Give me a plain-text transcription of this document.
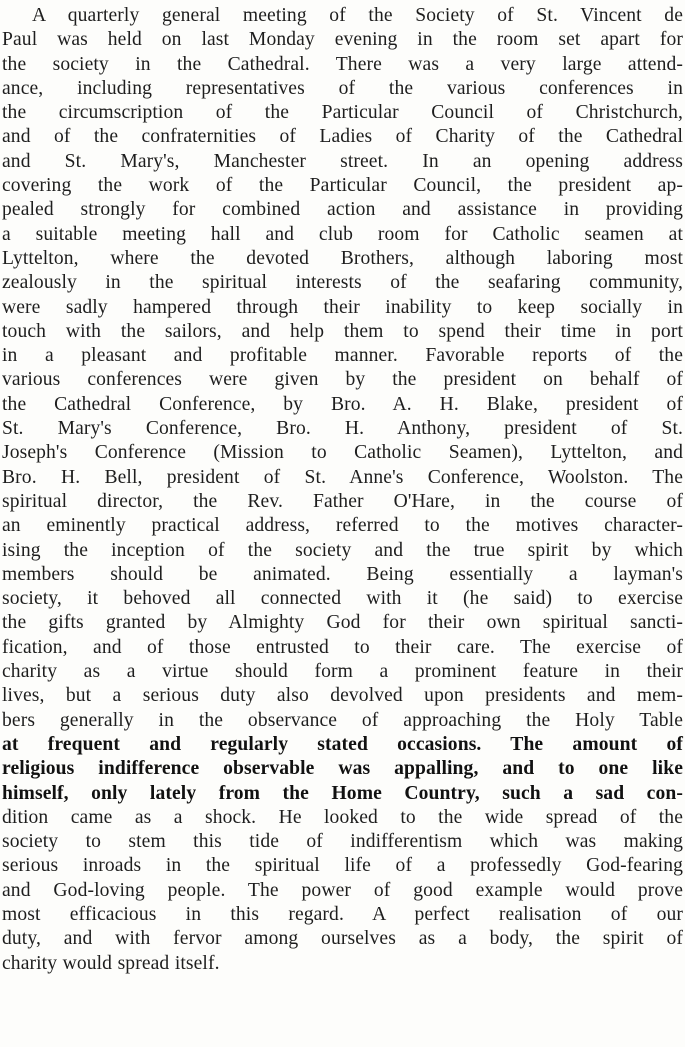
A quarterly general meeting of the Society of St. Vincent de
Paul was held on last Monday evening in the room set apart for
the society in the Cathedral. There was a very large attend-
ance, including representatives of the various conferences in
the circumscription of the Particular Council of Christchurch,
and of the confraternities of Ladies of Charity of the Cathedral
and St. Mary's, Manchester street. In an opening address
covering the work of the Particular Council, the president ap-
pealed strongly for combined action and assistance in providing
a suitable meeting hall and club room for Catholic seamen at
Lyttelton, where the devoted Brothers, although laboring most
zealously in the spiritual interests of the seafaring community,
were sadly hampered through their inability to keep socially in
touch with the sailors, and help them to spend their time in port
in a pleasant and profitable manner. Favorable reports of the
various conferences were given by the president on behalf of
the Cathedral Conference, by Bro. A. H. Blake, president of
St. Mary's Conference, Bro. H. Anthony, president of St.
Joseph's Conference (Mission to Catholic Seamen), Lyttelton, and
Bro. H. Bell, president of St. Anne's Conference, Woolston. The
spiritual director, the Rev. Father O'Hare, in the course of
an eminently practical address, referred to the motives character-
ising the inception of the society and the true spirit by which
members should be animated. Being essentially a layman's
society, it behoved all connected with it (he said) to exercise
the gifts granted by Almighty God for their own spiritual sancti-
fication, and of those entrusted to their care. The exercise of
charity as a virtue should form a prominent feature in their
lives, but a serious duty also devolved upon presidents and mem-
bers generally in the observance of approaching the Holy Table
at frequent and regularly stated occasions. The amount of
religious indifference observable was appalling, and to one like
himself, only lately from the Home Country, such a sad con-
dition came as a shock. He looked to the wide spread of the
society to stem this tide of indifferentism which was making
serious inroads in the spiritual life of a professedly God-fearing
and God-loving people. The power of good example would prove
most efficacious in this regard. A perfect realisation of our
duty, and with fervor among ourselves as a body, the spirit of
charity would spread itself.
